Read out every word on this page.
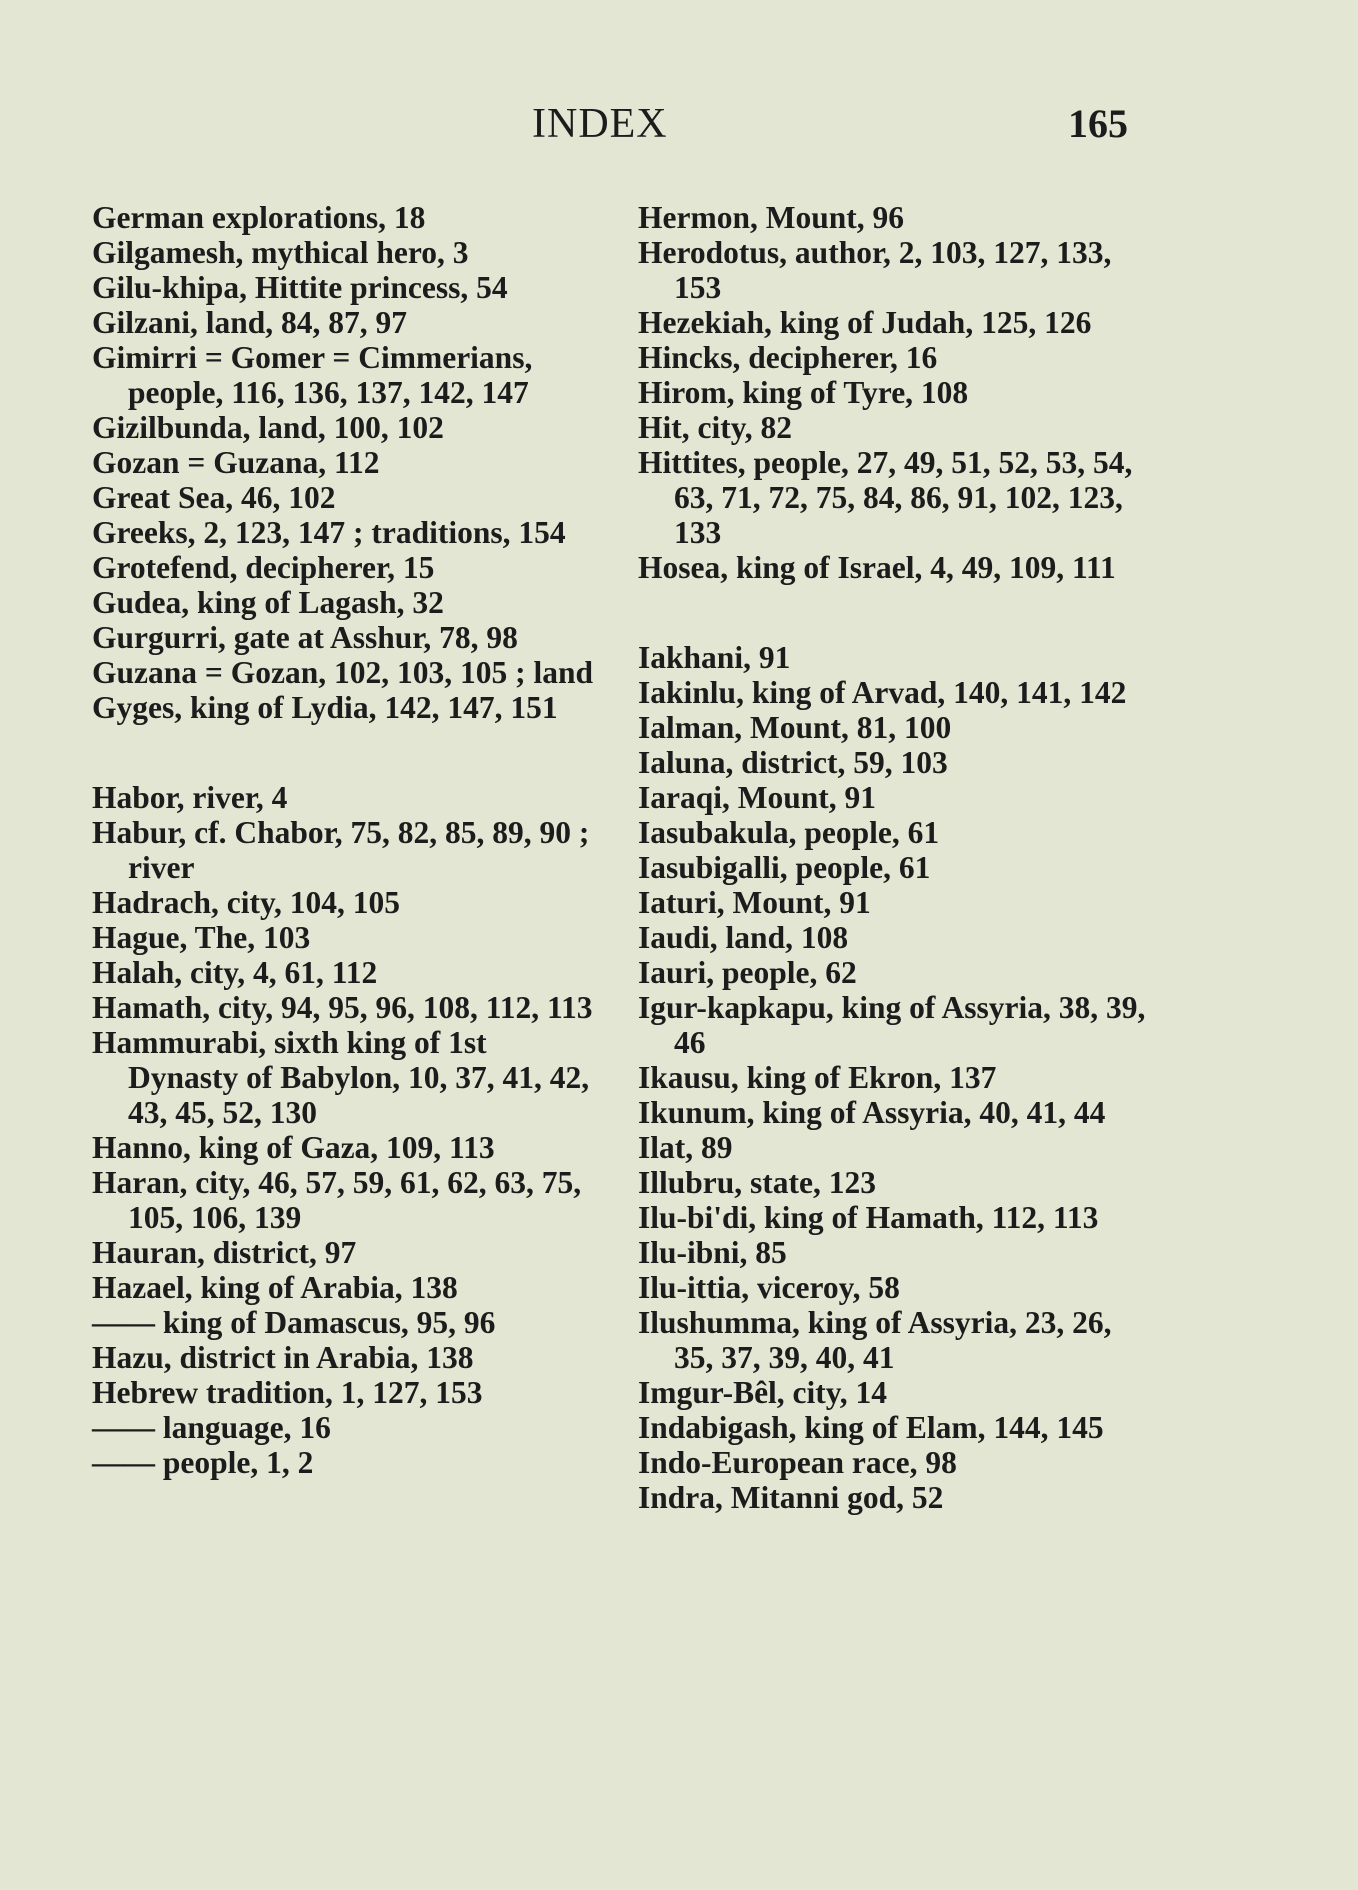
INDEX	165
German explorations, 18
Gilgamesh, mythical hero, 3
Gilu-khipa, Hittite princess, 54
Gilzani, land, 84, 87, 97
Gimirri = Gomer = Cimmerians, people, 116, 136, 137, 142, 147
Gizilbunda, land, 100, 102
Gozan = Guzana, 112
Great Sea, 46, 102
Greeks, 2, 123, 147 ; traditions, 154
Grotefend, decipherer, 15
Gudea, king of Lagash, 32
Gurgurri, gate at Asshur, 78, 98
Guzana = Gozan, 102, 103, 105 ; land
Gyges, king of Lydia, 142, 147, 151
Habor, river, 4
Habur, cf. Chabor, 75, 82, 85, 89, 90 ; river
Hadrach, city, 104, 105
Hague, The, 103
Halah, city, 4, 61, 112
Hamath, city, 94, 95, 96, 108, 112, 113
Hammurabi, sixth king of 1st Dynasty of Babylon, 10, 37, 41, 42, 43, 45, 52, 130
Hanno, king of Gaza, 109, 113
Haran, city, 46, 57, 59, 61, 62, 63, 75, 105, 106, 139
Hauran, district, 97
Hazael, king of Arabia, 138
—— king of Damascus, 95, 96
Hazu, district in Arabia, 138
Hebrew tradition, 1, 127, 153
—— language, 16
—— people, 1, 2
Hermon, Mount, 96
Herodotus, author, 2, 103, 127, 133, 153
Hezekiah, king of Judah, 125, 126
Hincks, decipherer, 16
Hirom, king of Tyre, 108
Hit, city, 82
Hittites, people, 27, 49, 51, 52, 53, 54, 63, 71, 72, 75, 84, 86, 91, 102, 123, 133
Hosea, king of Israel, 4, 49, 109, 111
Iakhani, 91
Iakinlu, king of Arvad, 140, 141, 142
Ialman, Mount, 81, 100
Ialuna, district, 59, 103
Iaraqi, Mount, 91
Iasubakula, people, 61
Iasubigalli, people, 61
Iaturi, Mount, 91
Iaudi, land, 108
Iauri, people, 62
Igur-kapkapu, king of Assyria, 38, 39, 46
Ikausu, king of Ekron, 137
Ikunum, king of Assyria, 40, 41, 44
Ilat, 89
Illubru, state, 123
Ilu-bi'di, king of Hamath, 112, 113
Ilu-ibni, 85
Ilu-ittia, viceroy, 58
Ilushumma, king of Assyria, 23, 26, 35, 37, 39, 40, 41
Imgur-Bêl, city, 14
Indabigash, king of Elam, 144, 145
Indo-European race, 98
Indra, Mitanni god, 52
